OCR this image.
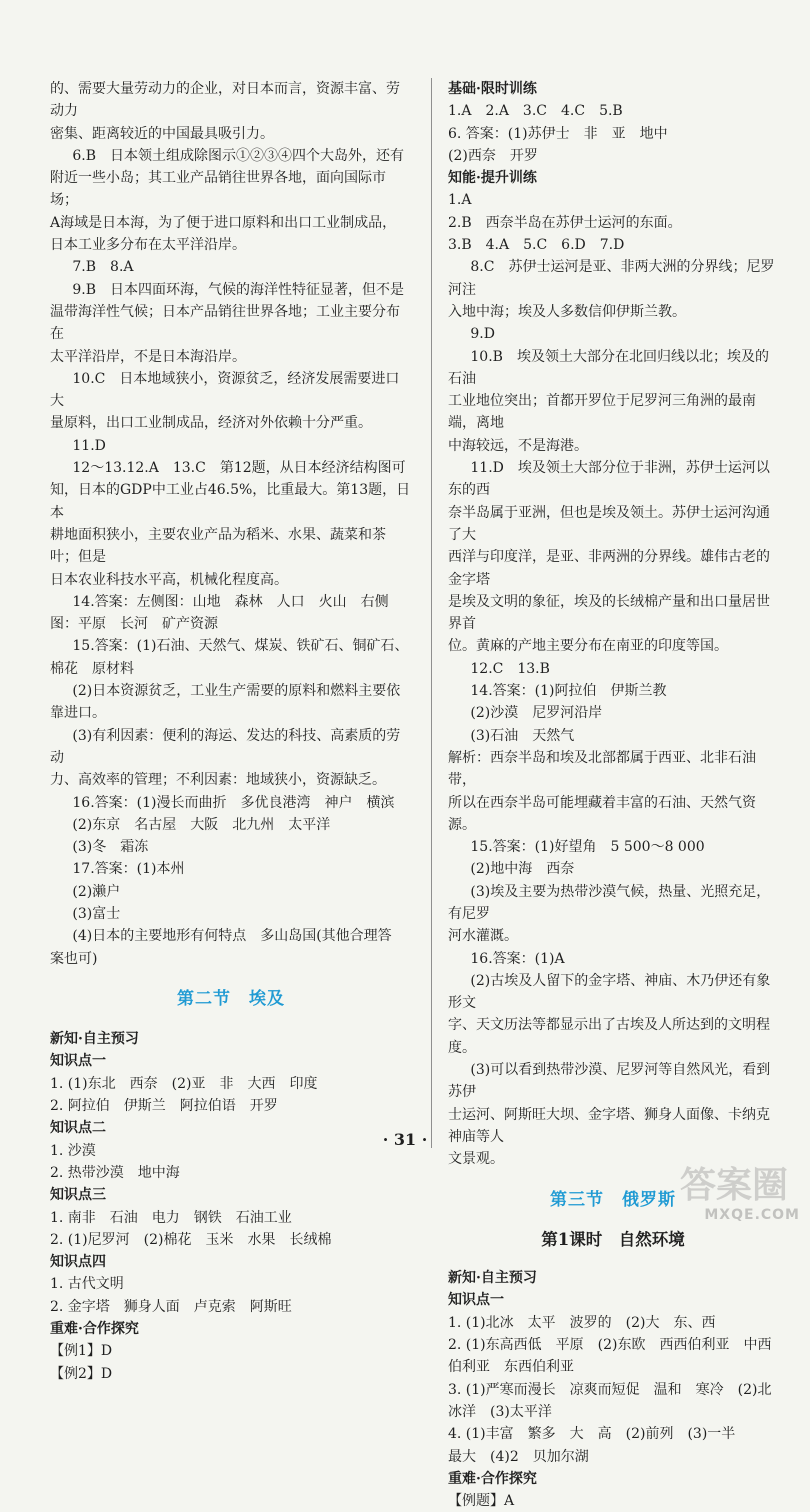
的、需要大量劳动力的企业，对日本而言，资源丰富、劳动力
密集、距离较近的中国最具吸引力。
6.B　日本领土组成除图示①②③④四个大岛外，还有
附近一些小岛；其工业产品销往世界各地，面向国际市场；
A海域是日本海，为了便于进口原料和出口工业制成品，
日本工业多分布在太平洋沿岸。
7.B　8.A
9.B　日本四面环海，气候的海洋性特征显著，但不是
温带海洋性气候；日本产品销往世界各地；工业主要分布在
太平洋沿岸，不是日本海沿岸。
10.C　日本地域狭小，资源贫乏，经济发展需要进口大
量原料，出口工业制成品，经济对外依赖十分严重。
11.D
12～13.12.A　13.C　第12题，从日本经济结构图可
知，日本的GDP中工业占46.5%，比重最大。第13题，日本
耕地面积狭小，主要农业产品为稻米、水果、蔬菜和茶叶；但是
日本农业科技水平高，机械化程度高。
14.答案：左侧图：山地　森林　人口　火山　右侧
图：平原　长河　矿产资源
15.答案：(1)石油、天然气、煤炭、铁矿石、铜矿石、
棉花　原材料
(2)日本资源贫乏，工业生产需要的原料和燃料主要依
靠进口。
(3)有利因素：便利的海运、发达的科技、高素质的劳动
力、高效率的管理；不利因素：地域狭小，资源缺乏。
16.答案：(1)漫长而曲折　多优良港湾　神户　横滨
(2)东京　名古屋　大阪　北九州　太平洋
(3)冬　霜冻
17.答案：(1)本州
(2)濑户
(3)富士
(4)日本的主要地形有何特点　多山岛国(其他合理答
案也可)
第二节　埃及
新知·自主预习
知识点一
1. (1)东北　西奈　(2)亚　非　大西　印度
2. 阿拉伯　伊斯兰　阿拉伯语　开罗
知识点二
1. 沙漠
2. 热带沙漠　地中海
知识点三
1. 南非　石油　电力　钢铁　石油工业
2. (1)尼罗河　(2)棉花　玉米　水果　长绒棉
知识点四
1. 古代文明
2. 金字塔　狮身人面　卢克索　阿斯旺
重难·合作探究
【例1】D
【例2】D
基础·限时训练
1.A　2.A　3.C　4.C　5.B
6. 答案：(1)苏伊士　非　亚　地中
(2)西奈　开罗
知能·提升训练
1.A
2.B　西奈半岛在苏伊士运河的东面。
3.B　4.A　5.C　6.D　7.D
8.C　苏伊士运河是亚、非两大洲的分界线；尼罗河注
入地中海；埃及人多数信仰伊斯兰教。
9.D
10.B　埃及领土大部分在北回归线以北；埃及的石油
工业地位突出；首都开罗位于尼罗河三角洲的最南端，离地
中海较远，不是海港。
11.D　埃及领土大部分位于非洲，苏伊士运河以东的西
奈半岛属于亚洲，但也是埃及领土。苏伊士运河沟通了大
西洋与印度洋，是亚、非两洲的分界线。雄伟古老的金字塔
是埃及文明的象征，埃及的长绒棉产量和出口量居世界首
位。黄麻的产地主要分布在南亚的印度等国。
12.C　13.B
14.答案：(1)阿拉伯　伊斯兰教
(2)沙漠　尼罗河沿岸
(3)石油　天然气
解析：西奈半岛和埃及北部都属于西亚、北非石油带，
所以在西奈半岛可能埋藏着丰富的石油、天然气资源。
15.答案：(1)好望角　5 500～8 000
(2)地中海　西奈
(3)埃及主要为热带沙漠气候，热量、光照充足，有尼罗
河水灌溉。
16.答案：(1)A
(2)古埃及人留下的金字塔、神庙、木乃伊还有象形文
字、天文历法等都显示出了古埃及人所达到的文明程度。
(3)可以看到热带沙漠、尼罗河等自然风光，看到苏伊
士运河、阿斯旺大坝、金字塔、狮身人面像、卡纳克神庙等人
文景观。
第三节　俄罗斯
第1课时　自然环境
新知·自主预习
知识点一
1. (1)北冰　太平　波罗的　(2)大　东、西
2. (1)东高西低　平原　(2)东欧　西西伯利亚　中西
伯利亚　东西伯利亚
3. (1)严寒而漫长　凉爽而短促　温和　寒冷　(2)北
冰洋　(3)太平洋
4. (1)丰富　繁多　大　高　(2)前列　(3)一半
最大　(4)2　贝加尔湖
重难·合作探究
【例题】A
· 31 ·
答案圈
MXQE.COM
